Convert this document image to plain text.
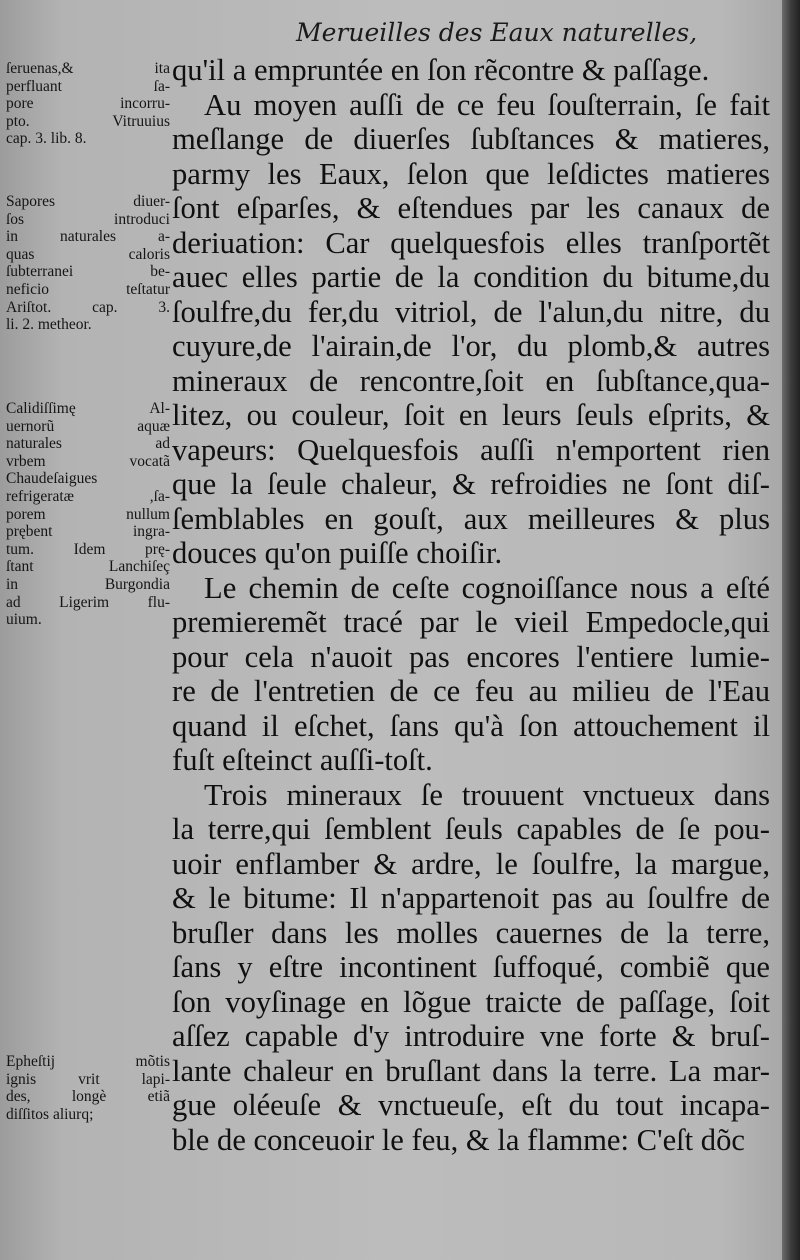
Merueilles des Eaux naturelles,
qu'il a empruntée en ſon rẽcontre & paſſage.
Au moyen auſſi de ce feu ſouſterrain, ſe fait
meſlange de diuerſes ſubſtances & matieres,
parmy les Eaux, ſelon que leſdictes matieres
ſont eſparſes, & eſtendues par les canaux de
deriuation: Car quelquesfois elles tranſportẽt
auec elles partie de la condition du bitume,du
ſoulfre,du fer,du vitriol, de l'alun,du nitre, du
cuyure,de l'airain,de l'or, du plomb,& autres
mineraux de rencontre,ſoit en ſubſtance,qua-
litez, ou couleur, ſoit en leurs ſeuls eſprits, &
vapeurs: Quelquesfois auſſi n'emportent rien
que la ſeule chaleur, & refroidies ne ſont diſ-
ſemblables en gouſt, aux meilleures & plus
douces qu'on puiſſe choiſir.
Le chemin de ceſte cognoiſſance nous a eſté
premieremẽt tracé par le vieil Empedocle,qui
pour cela n'auoit pas encores l'entiere lumie-
re de l'entretien de ce feu au milieu de l'Eau
quand il eſchet, ſans qu'à ſon attouchement il
fuſt eſteinct auſſi-toſt.
Trois mineraux ſe trouuent vnctueux dans
la terre,qui ſemblent ſeuls capables de ſe pou-
uoir enflamber & ardre, le ſoulfre, la margue,
& le bitume: Il n'appartenoit pas au ſoulfre de
bruſler dans les molles cauernes de la terre,
ſans y eſtre incontinent ſuffoqué, combiẽ que
ſon voyſinage en lõgue traicte de paſſage, ſoit
aſſez capable d'y introduire vne forte & bruſ-
lante chaleur en bruſlant dans la terre. La mar-
gue oléeuſe & vnctueuſe, eſt du tout incapa-
ble de conceuoir le feu, & la flamme: C'eſt dõc
ſeruenas,& ita
perfluant ſa-
pore incorru-
pto. Vitruuius
cap. 3. lib. 8.
Sapores diuer-
ſos introduci
in naturales a-
quas caloris
ſubterranei be-
neficio teſtatur
Ariſtot. cap. 3.
li. 2. metheor.
Calidiſſimę Al-
uernorũ aquæ
naturales ad
vrbem vocatã
Chaudeſaigues
refrigeratæ ,ſa-
porem nullum
prębent ingra-
tum. Idem prę-
ſtant Lanchiſeç
in Burgondia
ad Ligerim flu-
uium.
Epheſtij mõtis
ignis vrit lapi-
des, longè etiã
diſſitos aliurq;
